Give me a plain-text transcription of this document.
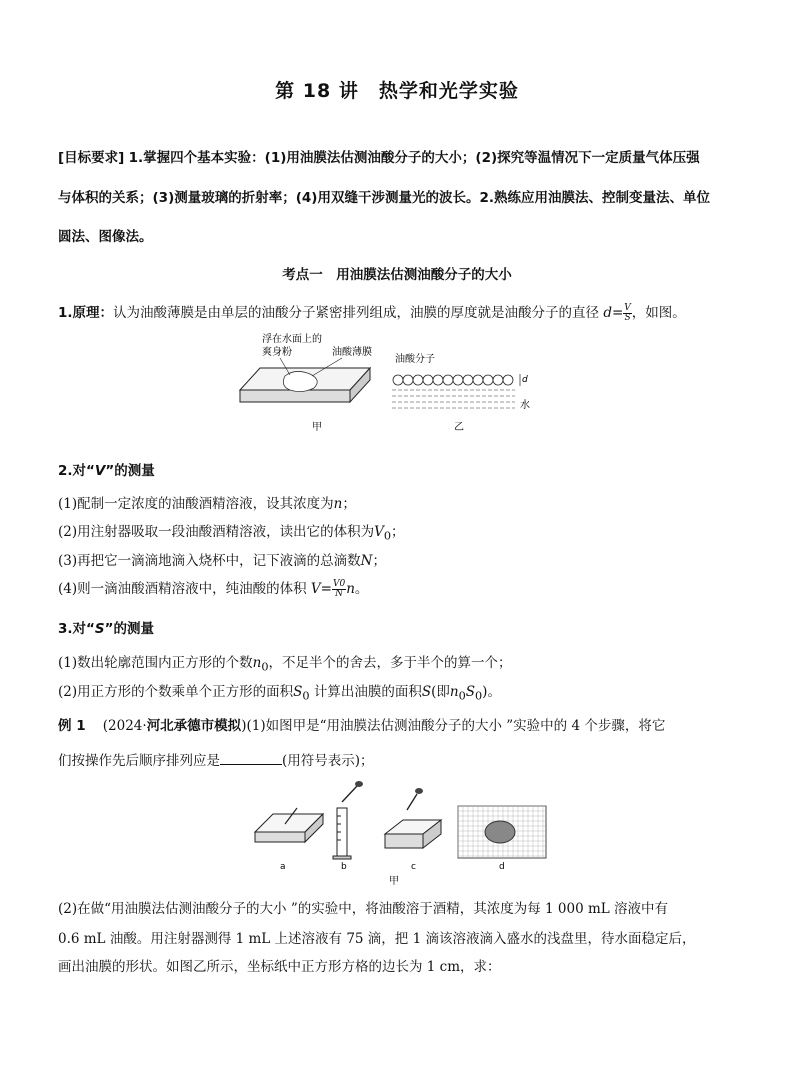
第 18 讲　热学和光学实验
[目标要求] 1.掌握四个基本实验：(1)用油膜法估测油酸分子的大小；(2)探究等温情况下一定质量气体压强
与体积的关系；(3)测量玻璃的折射率；(4)用双缝干涉测量光的波长。2.熟练应用油膜法、控制变量法、单位
圆法、图像法。
考点一　用油膜法估测油酸分子的大小
1.原理：认为油酸薄膜是由单层的油酸分子紧密排列组成，油膜的厚度就是油酸分子的直径 $d= \frac{V}{S}$ ，如图。
浮在水面上的
爽身粉	油酸薄膜
甲
油酸分子
d
水
乙
2.对“V”的测量
(1)配制一定浓度的油酸酒精溶液，设其浓度为n；
(2)用注射器吸取一段油酸酒精溶液，读出它的体积为$V_0$；
(3)再把它一滴滴地滴入烧杯中，记下液滴的总滴数N；
(4)则一滴油酸酒精溶液中，纯油酸的体积 $V= \frac{V0}{N}$ n。
3.对“S”的测量
(1)数出轮廓范围内正方形的个数$n_0$，不足半个的舍去，多于半个的算一个；
(2)用正方形的个数乘单个正方形的面积$S_0$ 计算出油膜的面积S(即$n_0S_0$)。
例 1 (2024·河北承德市模拟)(1)如图甲是“用油膜法估测油酸分子的大小 ”实验中的 4 个步骤，将它
们按操作先后顺序排列应是	(用符号表示)；
a	b	c	d
甲
(2)在做“用油膜法估测油酸分子的大小 ”的实验中，将油酸溶于酒精，其浓度为每 1 000 mL 溶液中有
0.6 mL 油酸。用注射器测得 1 mL 上述溶液有 75 滴，把 1 滴该溶液滴入盛水的浅盘里，待水面稳定后，
画出油膜的形状。如图乙所示，坐标纸中正方形方格的边长为 1 cm，求：
